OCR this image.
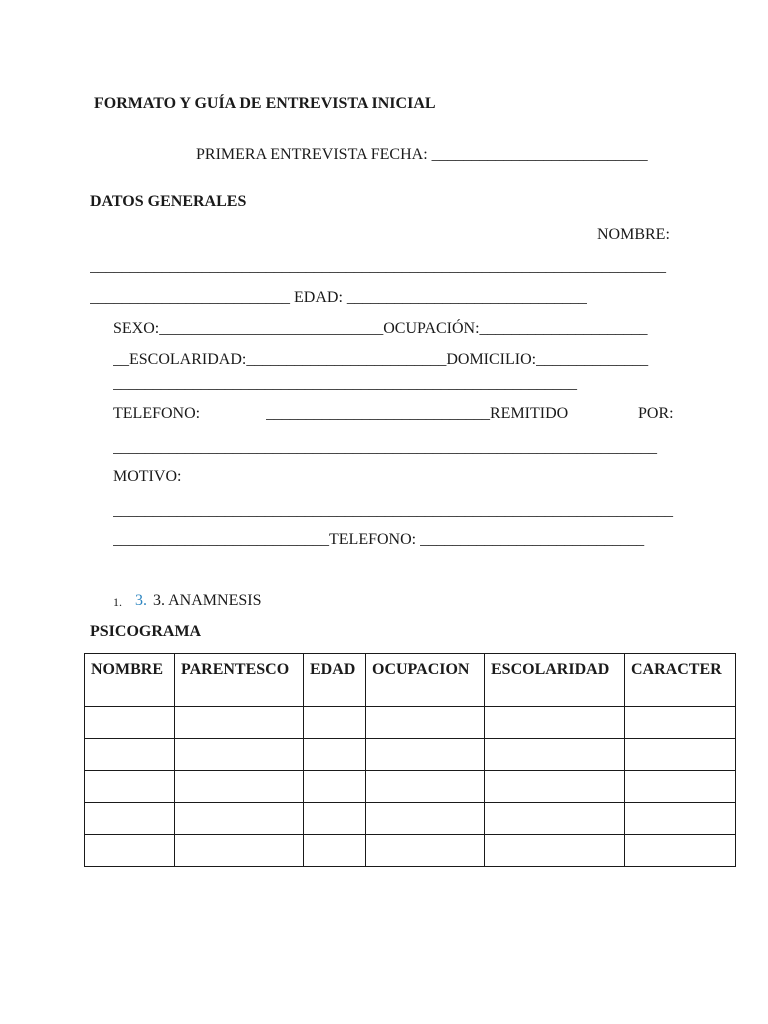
FORMATO Y GUÍA DE ENTREVISTA INICIAL
PRIMERA ENTREVISTA FECHA: ___________________________
DATOS GENERALES
NOMBRE:
________________________________________________________________________
_________________________ EDAD: ______________________________
SEXO:____________________________OCUPACIÓN:_____________________
__ESCOLARIDAD:_________________________DOMICILIO:______________
__________________________________________________________
TELEFONO:	____________________________REMITIDO	POR:
____________________________________________________________________
MOTIVO:
______________________________________________________________________
___________________________TELEFONO: ____________________________
1. 3. 3. ANAMNESIS
PSICOGRAMA
NOMBRE	PARENTESCO	EDAD	OCUPACION	ESCOLARIDAD	CARACTER
